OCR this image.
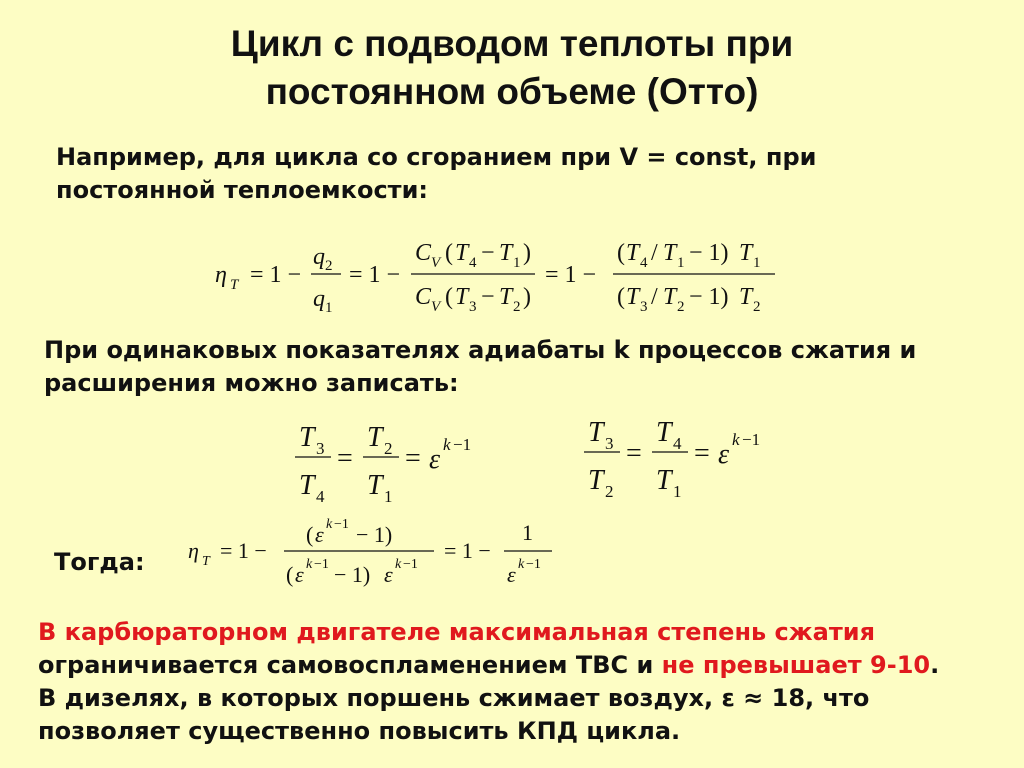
Цикл с подводом теплоты при
постоянном объеме (Отто)
Например, для цикла со сгоранием при V = const, при
постоянной теплоемкости:
η T = 1 −
q 2
q 1
= 1 −
C V ( T 4 − T 1 )
C V ( T 3 − T 2 )
= 1 −
( T 4 / T 1 − 1) T 1
( T 3 / T 2 − 1) T 2
При одинаковых показателях адиабаты k процессов сжатия и
расширения можно записать:
T 3
T 4
=
T 2
T 1
= ε k −1	T 3
T 2
=
T 4
T 1
= ε k −1
Тогда: η T = 1 −
( ε k −1 − 1)
( ε k −1 − 1) ε k −1
= 1 −
1
ε k −1
В карбюраторном двигателе максимальная степень сжатия
ограничивается самовоспламенением ТВС и не превышает 9-10.
В дизелях, в которых поршень сжимает воздух, ε ≈ 18, что
позволяет существенно повысить КПД цикла.
